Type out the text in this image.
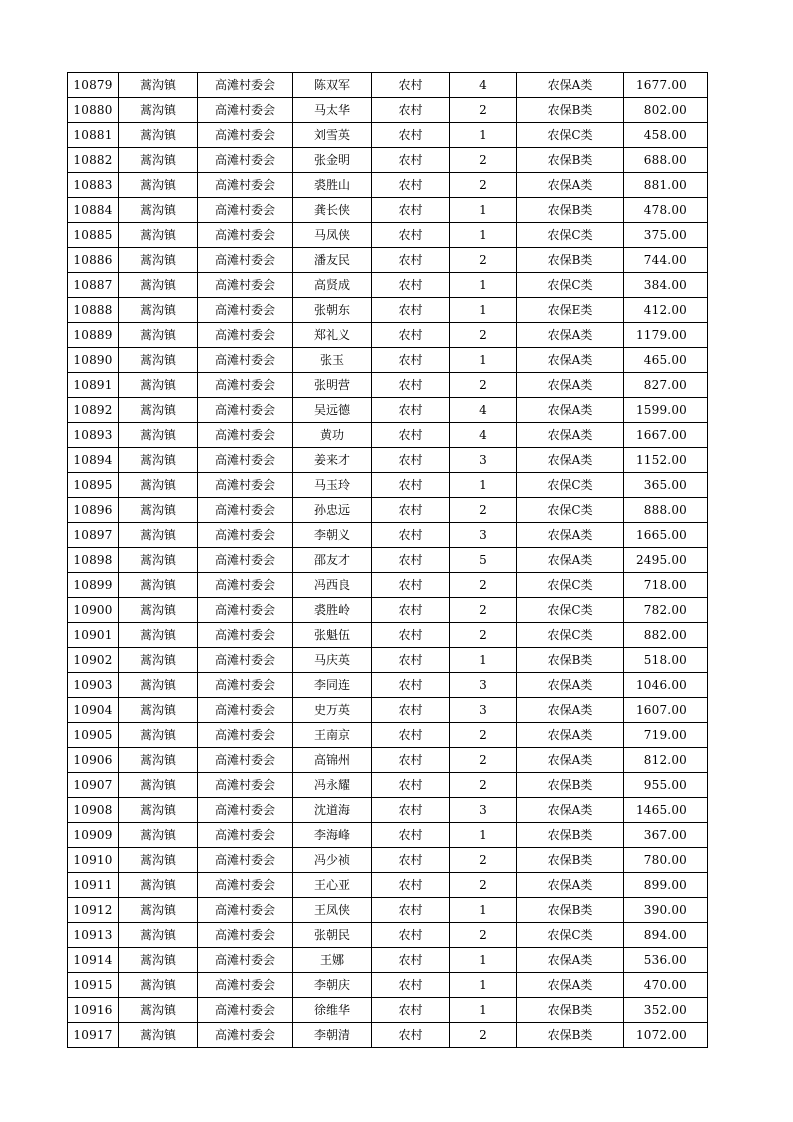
10879	蒿沟镇	高滩村委会	陈双军	农村	4	农保A类	1677.00
10880	蒿沟镇	高滩村委会	马太华	农村	2	农保B类	802.00
10881	蒿沟镇	高滩村委会	刘雪英	农村	1	农保C类	458.00
10882	蒿沟镇	高滩村委会	张金明	农村	2	农保B类	688.00
10883	蒿沟镇	高滩村委会	裘胜山	农村	2	农保A类	881.00
10884	蒿沟镇	高滩村委会	龚长侠	农村	1	农保B类	478.00
10885	蒿沟镇	高滩村委会	马凤侠	农村	1	农保C类	375.00
10886	蒿沟镇	高滩村委会	潘友民	农村	2	农保B类	744.00
10887	蒿沟镇	高滩村委会	高贤成	农村	1	农保C类	384.00
10888	蒿沟镇	高滩村委会	张朝东	农村	1	农保E类	412.00
10889	蒿沟镇	高滩村委会	郑礼义	农村	2	农保A类	1179.00
10890	蒿沟镇	高滩村委会	张玉	农村	1	农保A类	465.00
10891	蒿沟镇	高滩村委会	张明营	农村	2	农保A类	827.00
10892	蒿沟镇	高滩村委会	吴远德	农村	4	农保A类	1599.00
10893	蒿沟镇	高滩村委会	黄功	农村	4	农保A类	1667.00
10894	蒿沟镇	高滩村委会	姜来才	农村	3	农保A类	1152.00
10895	蒿沟镇	高滩村委会	马玉玲	农村	1	农保C类	365.00
10896	蒿沟镇	高滩村委会	孙忠远	农村	2	农保C类	888.00
10897	蒿沟镇	高滩村委会	李朝义	农村	3	农保A类	1665.00
10898	蒿沟镇	高滩村委会	邵友才	农村	5	农保A类	2495.00
10899	蒿沟镇	高滩村委会	冯西良	农村	2	农保C类	718.00
10900	蒿沟镇	高滩村委会	裘胜岭	农村	2	农保C类	782.00
10901	蒿沟镇	高滩村委会	张魁伍	农村	2	农保C类	882.00
10902	蒿沟镇	高滩村委会	马庆英	农村	1	农保B类	518.00
10903	蒿沟镇	高滩村委会	李同连	农村	3	农保A类	1046.00
10904	蒿沟镇	高滩村委会	史万英	农村	3	农保A类	1607.00
10905	蒿沟镇	高滩村委会	王南京	农村	2	农保A类	719.00
10906	蒿沟镇	高滩村委会	高锦州	农村	2	农保A类	812.00
10907	蒿沟镇	高滩村委会	冯永耀	农村	2	农保B类	955.00
10908	蒿沟镇	高滩村委会	沈道海	农村	3	农保A类	1465.00
10909	蒿沟镇	高滩村委会	李海峰	农村	1	农保B类	367.00
10910	蒿沟镇	高滩村委会	冯少祯	农村	2	农保B类	780.00
10911	蒿沟镇	高滩村委会	王心亚	农村	2	农保A类	899.00
10912	蒿沟镇	高滩村委会	王凤侠	农村	1	农保B类	390.00
10913	蒿沟镇	高滩村委会	张朝民	农村	2	农保C类	894.00
10914	蒿沟镇	高滩村委会	王娜	农村	1	农保A类	536.00
10915	蒿沟镇	高滩村委会	李朝庆	农村	1	农保A类	470.00
10916	蒿沟镇	高滩村委会	徐维华	农村	1	农保B类	352.00
10917	蒿沟镇	高滩村委会	李朝清	农村	2	农保B类	1072.00
